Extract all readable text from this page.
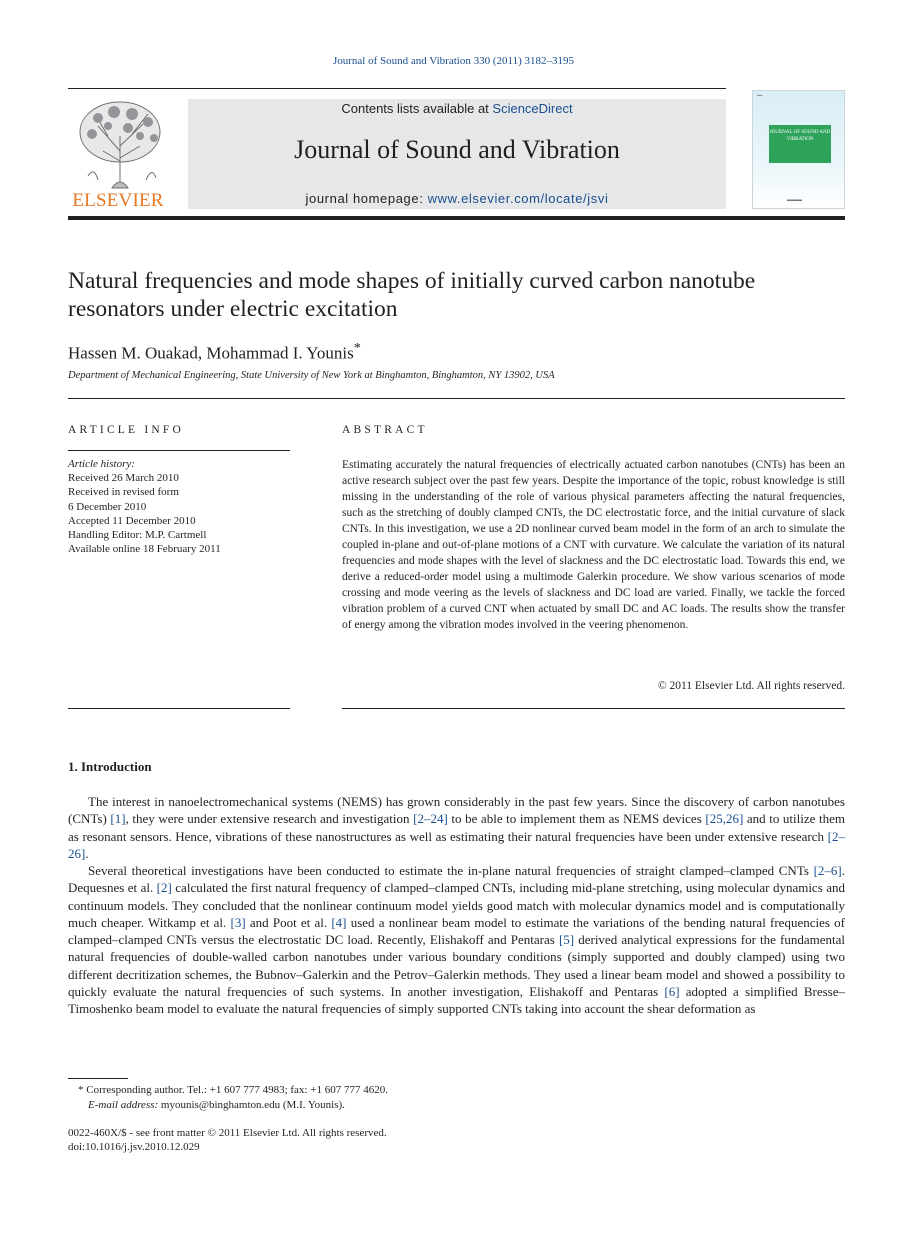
Journal of Sound and Vibration 330 (2011) 3182–3195
ELSEVIER
Contents lists available at ScienceDirect
Journal of Sound and Vibration
journal homepage: www.elsevier.com/locate/jsvi
▪▪▪
JOURNAL OF SOUND AND VIBRATION
▬▬▬
Natural frequencies and mode shapes of initially curved carbon nanotube resonators under electric excitation
Hassen M. Ouakad, Mohammad I. Younis*
Department of Mechanical Engineering, State University of New York at Binghamton, Binghamton, NY 13902, USA
ARTICLE INFO	ABSTRACT
Article history:
Received 26 March 2010
Received in revised form
6 December 2010
Accepted 11 December 2010
Handling Editor: M.P. Cartmell
Available online 18 February 2011
Estimating accurately the natural frequencies of electrically actuated carbon nanotubes (CNTs) has been an active research subject over the past few years. Despite the importance of the topic, robust knowledge is still missing in the understanding of the role of various physical parameters affecting the natural frequencies, such as the stretching of doubly clamped CNTs, the DC electrostatic force, and the initial curvature of slack CNTs. In this investigation, we use a 2D nonlinear curved beam model in the form of an arch to simulate the coupled in-plane and out-of-plane motions of a CNT with curvature. We calculate the variation of its natural frequencies and mode shapes with the level of slackness and the DC electrostatic load. Towards this end, we derive a reduced-order model using a multimode Galerkin procedure. We show various scenarios of mode crossing and mode veering as the levels of slackness and DC load are varied. Finally, we tackle the forced vibration problem of a curved CNT when actuated by small DC and AC loads. The results show the transfer of energy among the vibration modes involved in the veering phenomenon.
© 2011 Elsevier Ltd. All rights reserved.
1. Introduction
The interest in nanoelectromechanical systems (NEMS) has grown considerably in the past few years. Since the discovery of carbon nanotubes (CNTs) [1], they were under extensive research and investigation [2–24] to be able to implement them as NEMS devices [25,26] and to utilize them as resonant sensors. Hence, vibrations of these nanostructures as well as estimating their natural frequencies have been under extensive research [2–26].
Several theoretical investigations have been conducted to estimate the in-plane natural frequencies of straight clamped–clamped CNTs [2–6]. Dequesnes et al. [2] calculated the first natural frequency of clamped–clamped CNTs, including mid-plane stretching, using molecular dynamics and continuum models. They concluded that the nonlinear continuum model yields good match with molecular dynamics model and is computationally much cheaper. Witkamp et al. [3] and Poot et al. [4] used a nonlinear beam model to estimate the variations of the bending natural frequencies of clamped–clamped CNTs versus the electrostatic DC load. Recently, Elishakoff and Pentaras [5] derived analytical expressions for the fundamental natural frequencies of double-walled carbon nanotubes under various boundary conditions (simply supported and doubly clamped) using two different decritization schemes, the Bubnov–Galerkin and the Petrov–Galerkin methods. They used a linear beam model and showed a possibility to quickly evaluate the natural frequencies of such systems. In another investigation, Elishakoff and Pentaras [6] adopted a simplified Bresse–Timoshenko beam model to evaluate the natural frequencies of simply supported CNTs taking into account the shear deformation as
* Corresponding author. Tel.: +1 607 777 4983; fax: +1 607 777 4620.
E-mail address: myounis@binghamton.edu (M.I. Younis).
0022-460X/$ - see front matter © 2011 Elsevier Ltd. All rights reserved.
doi:10.1016/j.jsv.2010.12.029
